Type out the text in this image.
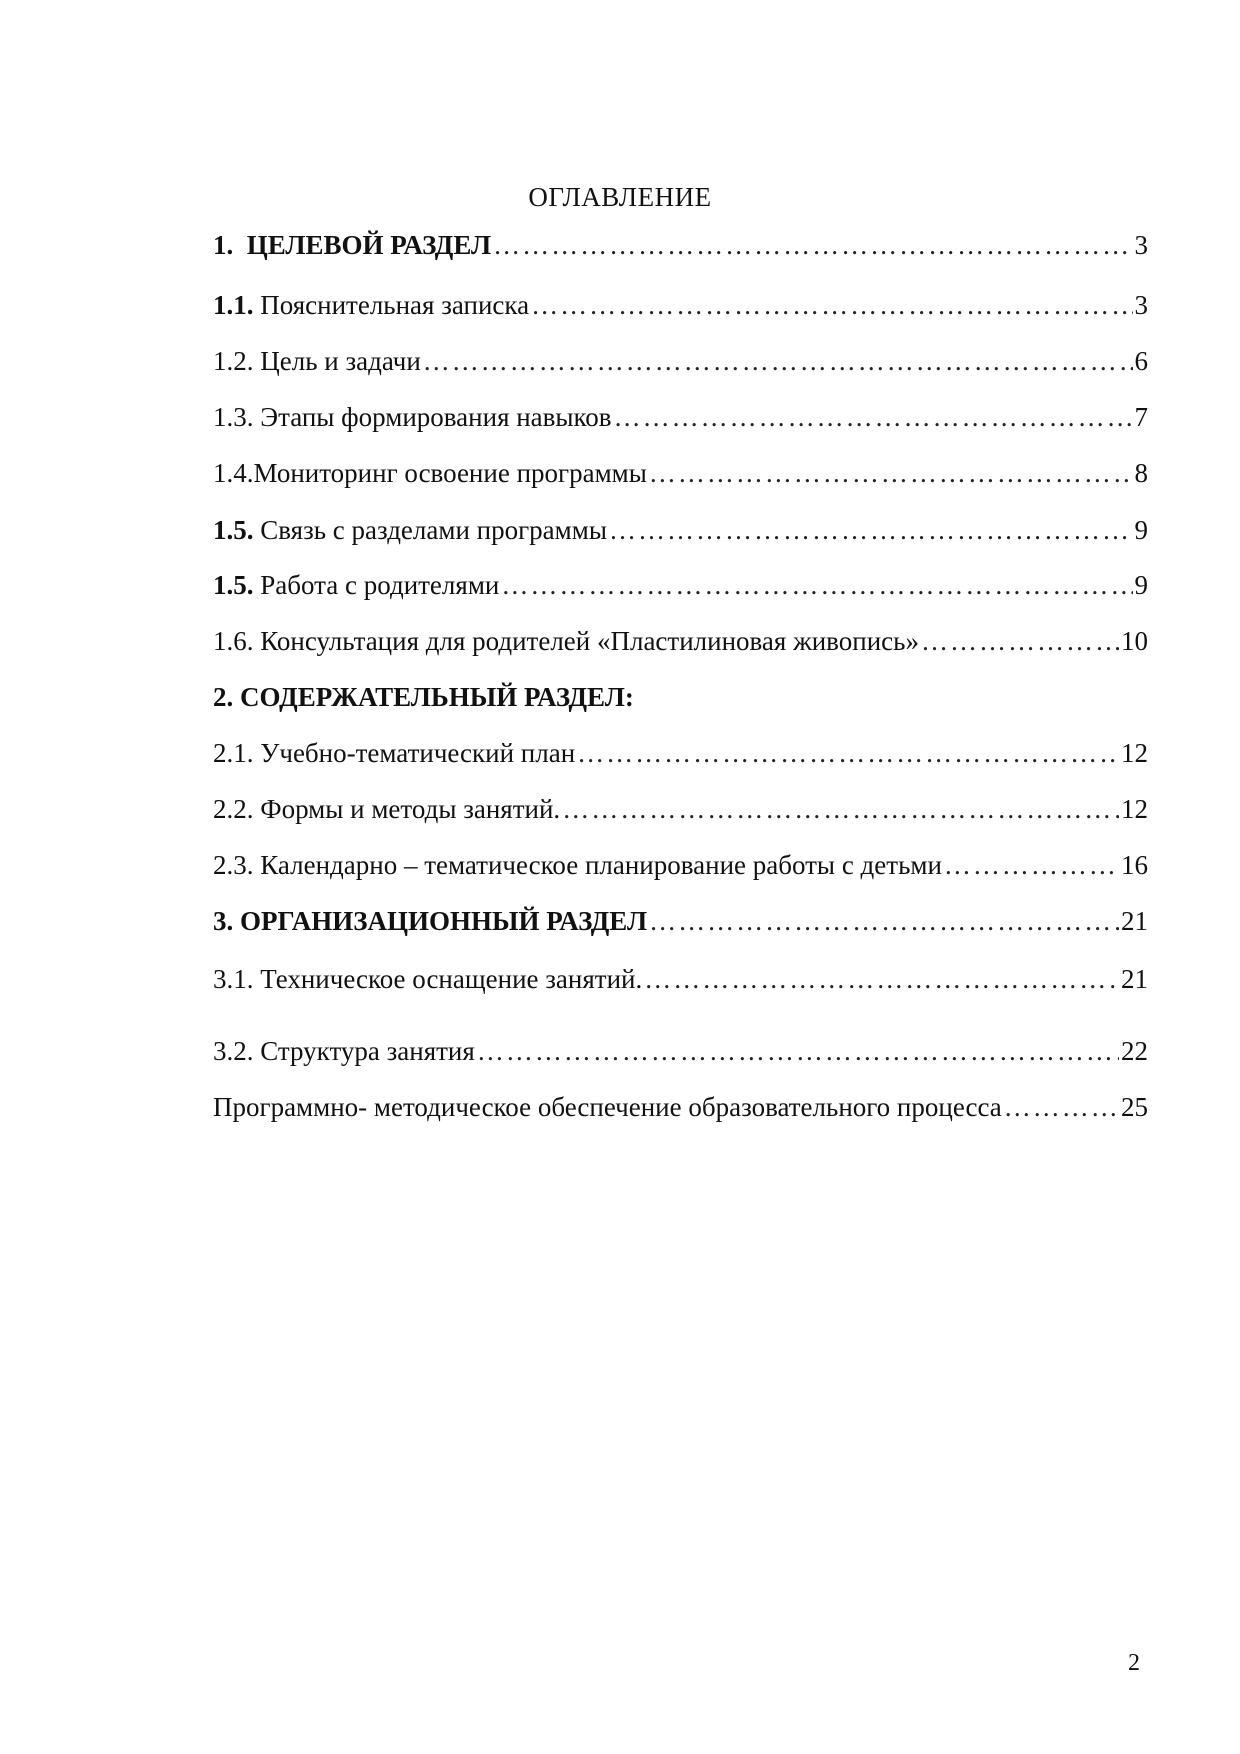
ОГЛАВЛЕНИЕ
1. ЦЕЛЕВОЙ РАЗДЕЛ ……………………………………………………………………………………………………………………………………	3
1.1. Пояснительная записка ……………………………………………………………………………………………………………………………………	3
1.2. Цель и задачи ……………………………………………………………………………………………………………………………………	6
1.3. Этапы формирования навыков ……………………………………………………………………………………………………………………………………	7
1.4.Мониторинг освоение программы ……………………………………………………………………………………………………………………………………	8
1.5. Связь с разделами программы ……………………………………………………………………………………………………………………………………	9
1.5. Работа с родителями ……………………………………………………………………………………………………………………………………	9
1.6. Консультация для родителей «Пластилиновая живопись» ……………………………………………………………………………………………………………………………………	10
2. СОДЕРЖАТЕЛЬНЫЙ РАЗДЕЛ:
2.1. Учебно-тематический план ……………………………………………………………………………………………………………………………………	12
2.2. Формы и методы занятий. ……………………………………………………………………………………………………………………………………	12
2.3. Календарно – тематическое планирование работы с детьми ……………………………………………………………………………………………………………………………………	16
3. ОРГАНИЗАЦИОННЫЙ РАЗДЕЛ ……………………………………………………………………………………………………………………………………	21
3.1. Техническое оснащение занятий. ……………………………………………………………………………………………………………………………………	21
3.2. Структура занятия ……………………………………………………………………………………………………………………………………	22
Программно- методическое обеспечение образовательного процесса ……………………………………………………………………………………………………………………………………	25
2
